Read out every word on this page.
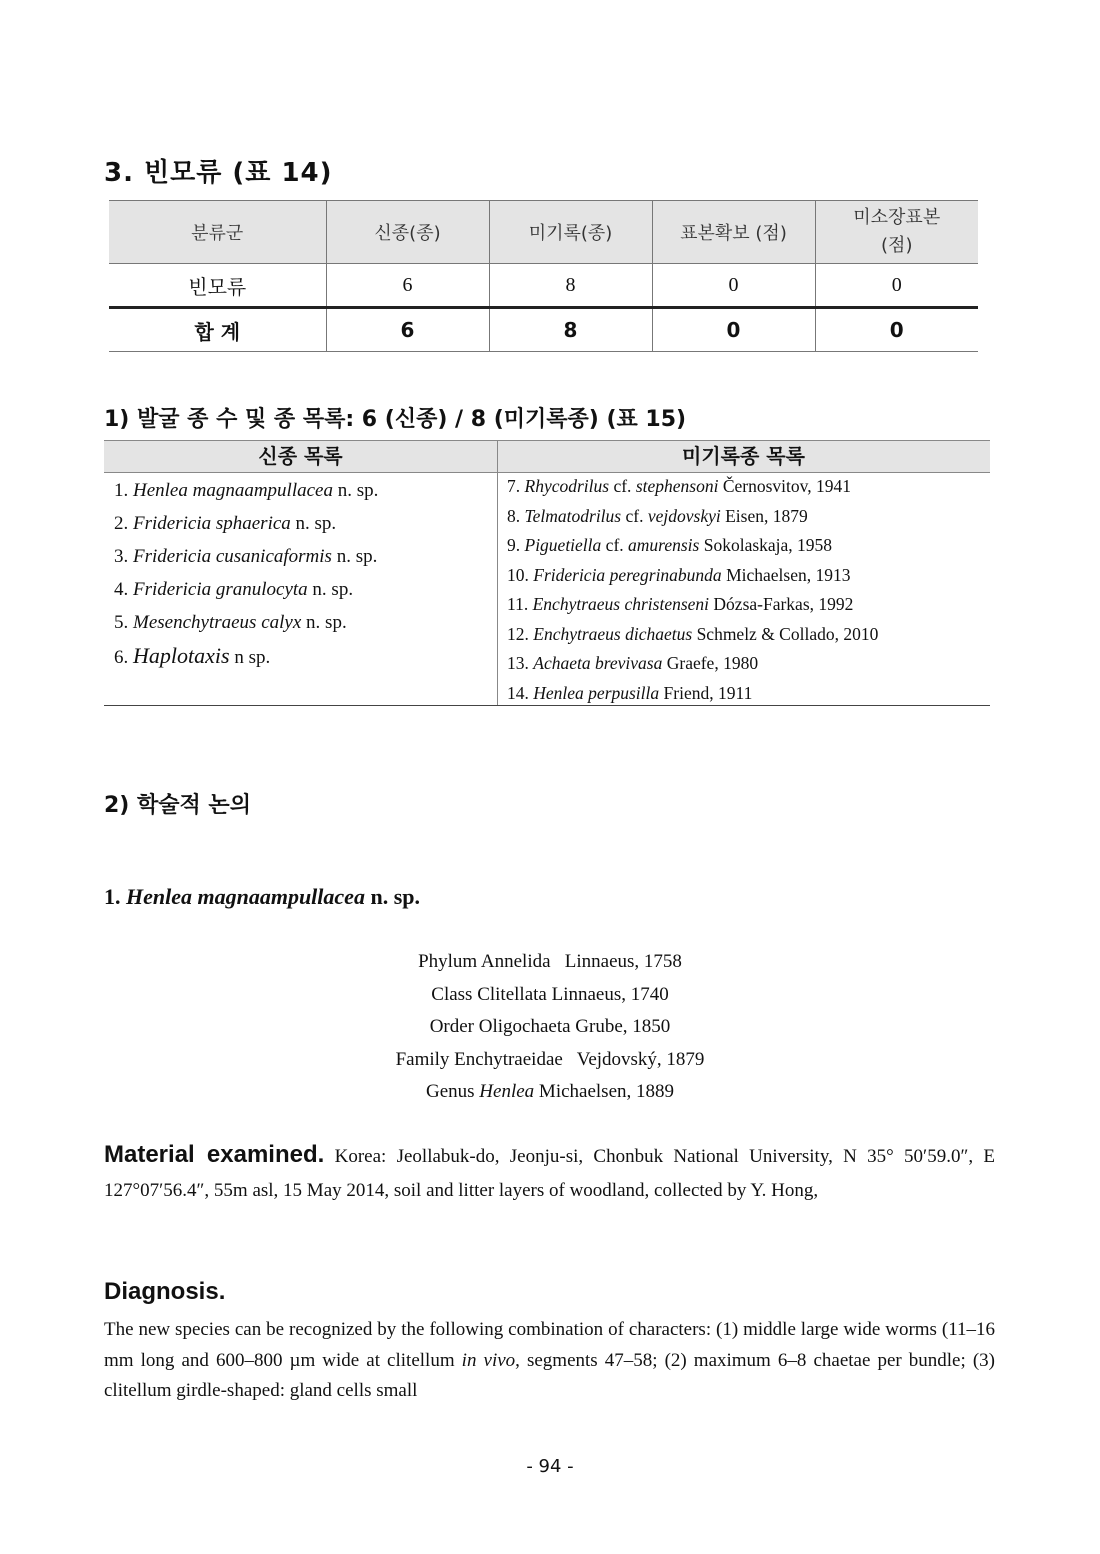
3. 빈모류 (표 14)
분류군	신종(종)	미기록(종)	표본확보 (점)	미소장표본
(점)
빈모류	6	8	0	0
합 계	6	8	0	0
1) 발굴 종 수 및 종 목록: 6 (신종) / 8 (미기록종) (표 15)
신종 목록	미기록종 목록
1. Henlea magnaampullacea n. sp.
2. Fridericia sphaerica n. sp.
3. Fridericia cusanicaformis n. sp.
4. Fridericia granulocyta n. sp.
5. Mesenchytraeus calyx n. sp.
6. Haplotaxis n sp.
7. Rhycodrilus cf. stephensoni Černosvitov, 1941
8. Telmatodrilus cf. vejdovskyi Eisen, 1879
9. Piguetiella cf. amurensis Sokolaskaja, 1958
10. Fridericia peregrinabunda Michaelsen, 1913
11. Enchytraeus christenseni Dózsa-Farkas, 1992
12. Enchytraeus dichaetus Schmelz & Collado, 2010
13. Achaeta brevivasa Graefe, 1980
14. Henlea perpusilla Friend, 1911
2) 학술적 논의
1. Henlea magnaampullacea n. sp.
Phylum Annelida   Linnaeus, 1758
Class Clitellata Linnaeus, 1740
Order Oligochaeta Grube, 1850
Family Enchytraeidae   Vejdovský, 1879
Genus Henlea Michaelsen, 1889
Material examined. Korea: Jeollabuk-do, Jeonju-si, Chonbuk National University, N 35° 50′59.0″, E 127°07′56.4″, 55m asl, 15 May 2014, soil and litter layers of woodland, collected by Y. Hong,
Diagnosis.
The new species can be recognized by the following combination of characters: (1) middle large wide worms (11–16 mm long and 600–800 µm wide at clitellum in vivo, segments 47–58; (2) maximum 6–8 chaetae per bundle; (3) clitellum girdle-shaped: gland cells small
- 94 -
